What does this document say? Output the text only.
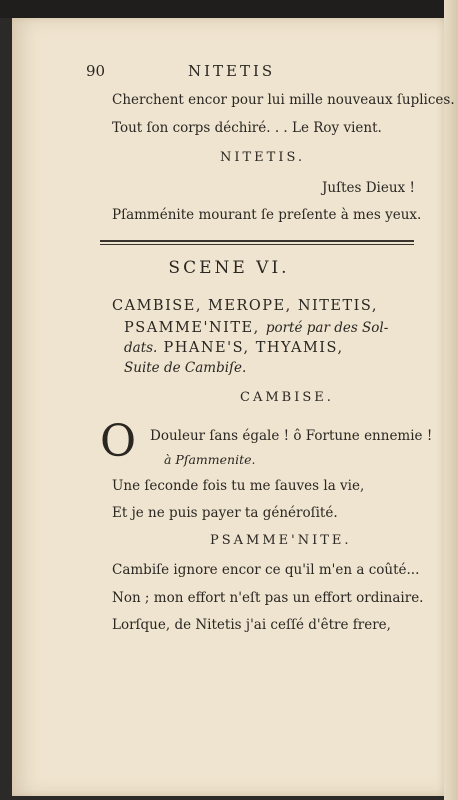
90	NITETIS
Cherchent encor pour lui mille nouveaux ſuplices.
Tout ſon corps déchiré. . . Le Roy vient.
NITETIS.
Juſtes Dieux !
Pſamménite mourant ſe preſente à mes yeux.
SCENE VI.
CAMBISE, MEROPE, NITETIS,
PSAMME'NITE, porté par des Sol-
dats. PHANE'S, THYAMIS,
Suite de Cambiſe.
CAMBISE.
O Douleur ſans égale ! ô Fortune ennemie !
à Pſammenite.
Une ſeconde fois tu me ſauves la vie,
Et je ne puis payer ta généroſité.
PSAMME'NITE.
Cambiſe ignore encor ce qu'il m'en a coûté...
Non ; mon effort n'eſt pas un effort ordinaire.
Lorſque, de Nitetis j'ai ceſſé d'être frere,
